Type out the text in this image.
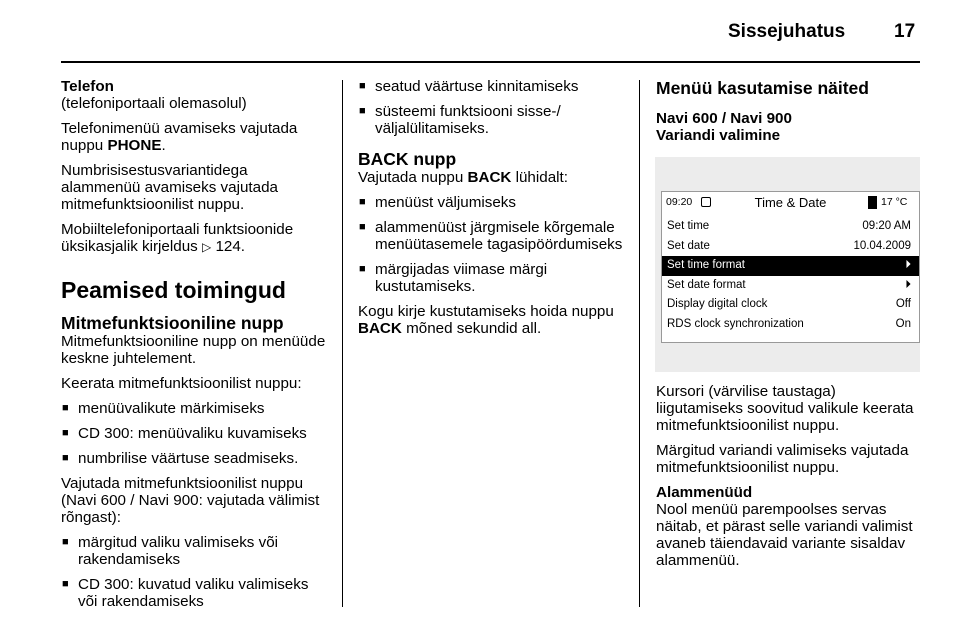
Sissejuhatus	17

Telefon

(telefoniportaali olemasolul)

Telefonimenüü avamiseks vajutada nuppu PHONE.

Numbrisisestusvariantidega alammenüü avamiseks vajutada mitmefunktsioonilist nuppu.

Mobiiltelefoniportaali funktsioonide üksikasjalik kirjeldus ▷ 124.

Peamised toimingud
Mitmefunktsiooniline nupp

Mitmefunktsiooniline nupp on menüüde keskne juhtelement.

Keerata mitmefunktsioonilist nuppu:

■ menüüvalikute märkimiseks
■ CD 300: menüüvaliku kuvamiseks
■ numbrilise väärtuse seadmiseks.

Vajutada mitmefunktsioonilist nuppu (Navi 600 / Navi 900: vajutada välimist rõngast):

■ märgitud valiku valimiseks või rakendamiseks
■ CD 300: kuvatud valiku valimiseks või rakendamiseks
■ seatud väärtuse kinnitamiseks
■ süsteemi funktsiooni sisse-/ väljalülitamiseks.
BACK nupp

Vajutada nuppu BACK lühidalt:

■ menüüst väljumiseks
■ alammenüüst järgmisele kõrgemale menüütasemele tagasipöördumiseks
■ märgijadas viimase märgi kustutamiseks.

Kogu kirje kustutamiseks hoida nuppu BACK mõned sekundid all.

Menüü kasutamise näited
Navi 600 / Navi 900
Variandi valimine

Kursori (värvilise taustaga) liigutamiseks soovitud valikule keerata mitmefunktsioonilist nuppu.

Märgitud variandi valimiseks vajutada mitmefunktsioonilist nuppu.

Alammenüüd

Nool menüü parempoolses servas näitab, et pärast selle variandi valimist avaneb täiendavaid variante sisaldav alammenüü.

09:20	Time & Date	17 °C
Set time	09:20 AM
Set date	10.04.2009
Set time format	⏵
Set date format	⏵
Display digital clock	Off
RDS clock synchronization	On
